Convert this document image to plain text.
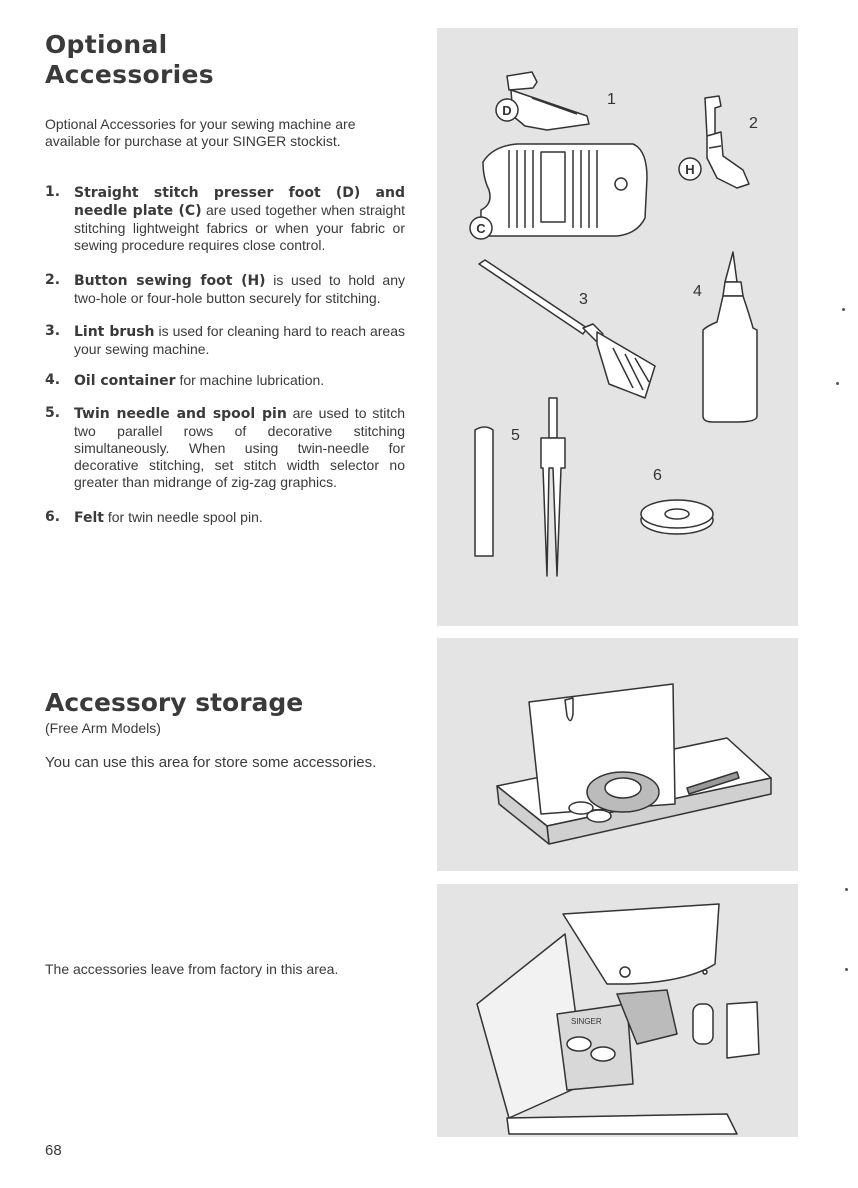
Optional
Accessories
Optional Accessories for your sewing machine are available for purchase at your SINGER stockist.
1. Straight stitch presser foot (D) and needle plate (C) are used together when straight stitching lightweight fabrics or when your fabric or sewing procedure requires close control.
2. Button sewing foot (H) is used to hold any two-hole or four-hole button securely for stitching.
3. Lint brush is used for cleaning hard to reach areas your sewing machine.
4. Oil container for machine lubrication.
5. Twin needle and spool pin are used to stitch two parallel rows of decorative stitching simultaneously. When using twin-needle for decorative stitching, set stitch width selector no greater than midrange of zig-zag graphics.
6. Felt for twin needle spool pin.
Accessory storage
(Free Arm Models)
You can use this area for store some accessories.
The accessories leave from factory in this area.
68
1
2
3	4
5
6
D
H
C
SINGER
